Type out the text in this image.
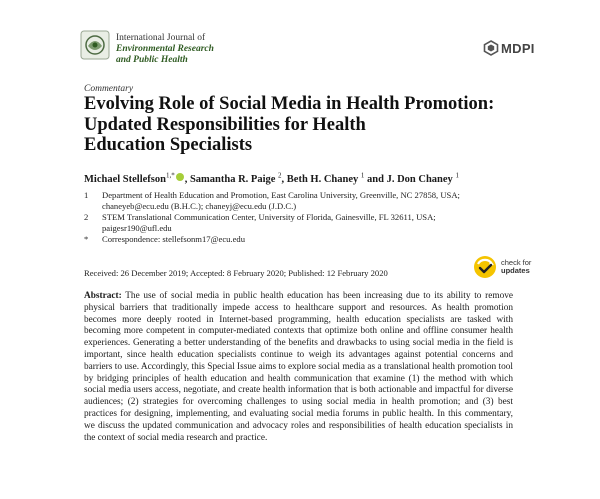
International Journal of
Environmental Research
and Public Health
MDPI
Commentary
Evolving Role of Social Media in Health Promotion:
Updated Responsibilities for Health
Education Specialists
Michael Stellefson$^{1,*}$ , Samantha R. Paige $^2$, Beth H. Chaney $^1$ and J. Don Chaney $^1$
1	Department of Health Education and Promotion, East Carolina University, Greenville, NC 27858, USA;
chaneyeb@ecu.edu (B.H.C.); chaneyj@ecu.edu (J.D.C.)
2	STEM Translational Communication Center, University of Florida, Gainesville, FL 32611, USA;
paigesr190@ufl.edu
*	Correspondence: stellefsonm17@ecu.edu
check for
updates
Received: 26 December 2019; Accepted: 8 February 2020; Published: 12 February 2020
Abstract: The use of social media in public health education has been increasing due to its ability to remove physical barriers that traditionally impede access to healthcare support and resources. As health promotion becomes more deeply rooted in Internet-based programming, health education specialists are tasked with becoming more competent in computer-mediated contexts that optimize both online and offline consumer health experiences. Generating a better understanding of the benefits and drawbacks to using social media in the field is important, since health education specialists continue to weigh its advantages against potential concerns and barriers to use. Accordingly, this Special Issue aims to explore social media as a translational health promotion tool by bridging principles of health education and health communication that examine (1) the method with which social media users access, negotiate, and create health information that is both actionable and impactful for diverse audiences; (2) strategies for overcoming challenges to using social media in health promotion; and (3) best practices for designing, implementing, and evaluating social media forums in public health. In this commentary, we discuss the updated communication and advocacy roles and responsibilities of health education specialists in the context of social media research and practice.
